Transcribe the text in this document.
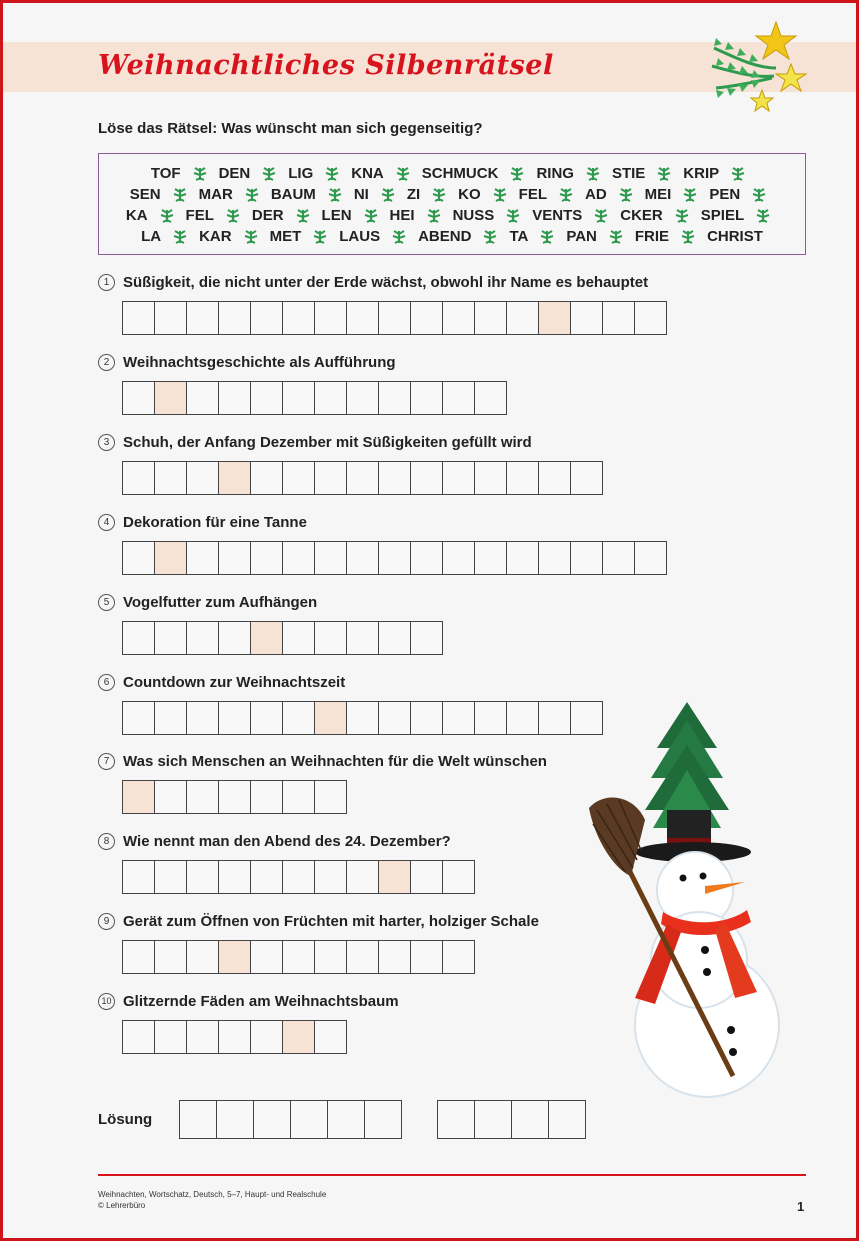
Weihnachtliches Silbenrätsel
Löse das Rätsel: Was wünscht man sich gegenseitig?
TOF	DEN	LIG	KNA	SCHMUCK	RING	STIE	KRIP
SEN	MAR	BAUM	NI	ZI	KO	FEL	AD	MEI	PEN
KA	FEL	DER	LEN	HEI	NUSS	VENTS	CKER	SPIEL
LA	KAR	MET	LAUS	ABEND	TA	PAN	FRIE	CHRIST
1 Süßigkeit, die nicht unter der Erde wächst, obwohl ihr Name es behauptet
2 Weihnachtsgeschichte als Aufführung
3 Schuh, der Anfang Dezember mit Süßigkeiten gefüllt wird
4 Dekoration für eine Tanne
5 Vogelfutter zum Aufhängen
6 Countdown zur Weihnachtszeit
7 Was sich Menschen an Weihnachten für die Welt wünschen
8 Wie nennt man den Abend des 24. Dezember?
9 Gerät zum Öffnen von Früchten mit harter, holziger Schale
10 Glitzernde Fäden am Weihnachtsbaum
Lösung
Weihnachten, Wortschatz, Deutsch, 5–7, Haupt- und Realschule
© Lehrerbüro	1
